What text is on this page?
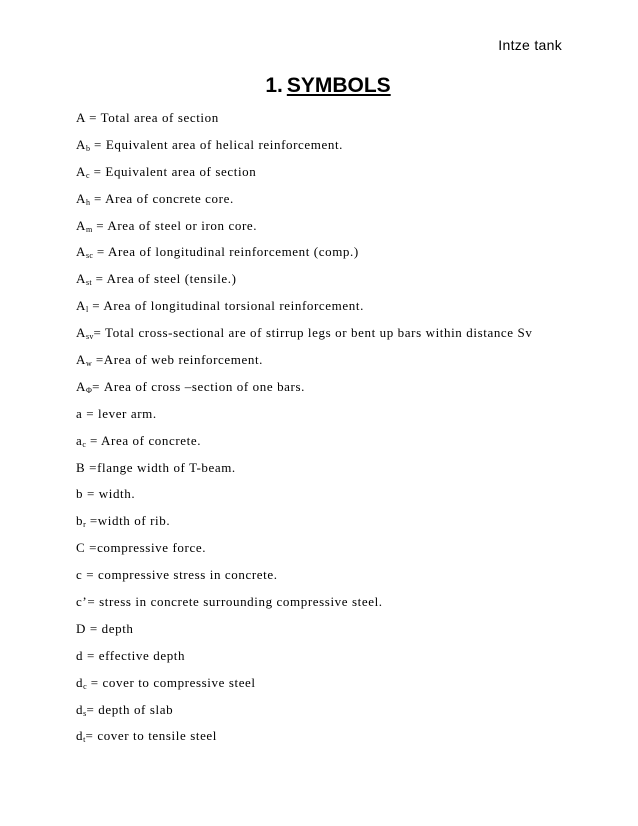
Intze tank
1. SYMBOLS
A = Total area of section
$A_b$ = Equivalent area of helical reinforcement.
$A_c$ = Equivalent area of section
$A_h$ = Area of concrete core.
$A_m$ = Area of steel or iron core.
$A_{sc}$ = Area of longitudinal reinforcement (comp.)
$A_{st}$ = Area of steel (tensile.)
$A_l$ = Area of longitudinal torsional reinforcement.
$A_{sv}=$ Total cross-sectional are of stirrup legs or bent up bars within distance Sv
$A_w$ =Area of web reinforcement.
$A_\Phi=$ Area of cross –section of one bars.
a = lever arm.
$a_c$ = Area of concrete.
B =flange width of T-beam.
b = width.
$b_r$ =width of rib.
C =compressive force.
c = compressive stress in concrete.
c’= stress in concrete surrounding compressive steel.
D = depth
d = effective depth
$d_c$ = cover to compressive steel
$d_s=$ depth of slab
$d_t=$ cover to tensile steel
